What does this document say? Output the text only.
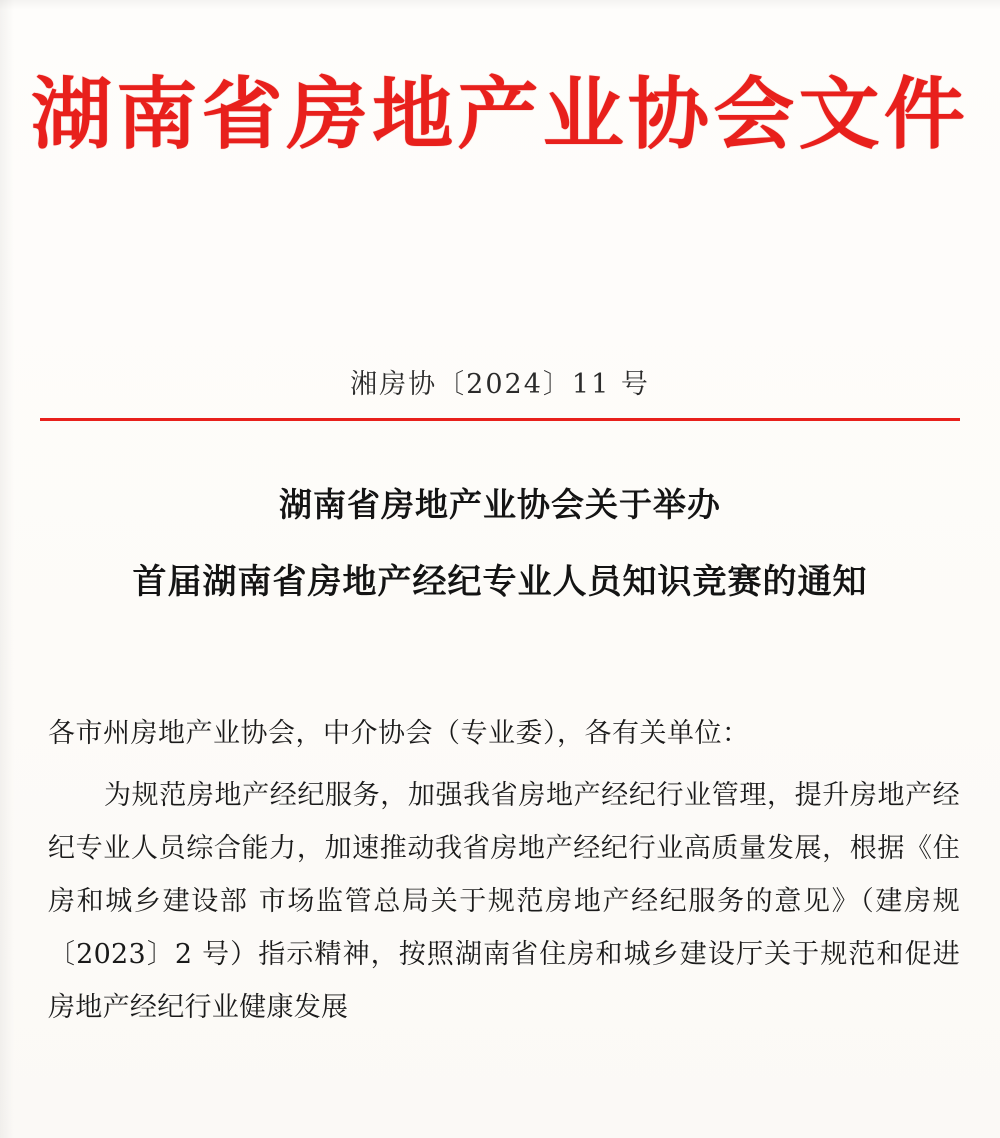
湖南省房地产业协会文件
湘房协〔2024〕11 号
湖南省房地产业协会关于举办
首届湖南省房地产经纪专业人员知识竞赛的通知
各市州房地产业协会，中介协会（专业委），各有关单位：
为规范房地产经纪服务，加强我省房地产经纪行业管理，提升房地产经纪专业人员综合能力，加速推动我省房地产经纪行业高质量发展，根据《住房和城乡建设部 市场监管总局关于规范房地产经纪服务的意见》（建房规〔2023〕2 号）指示精神，按照湖南省住房和城乡建设厅关于规范和促进房地产经纪行业健康发展
